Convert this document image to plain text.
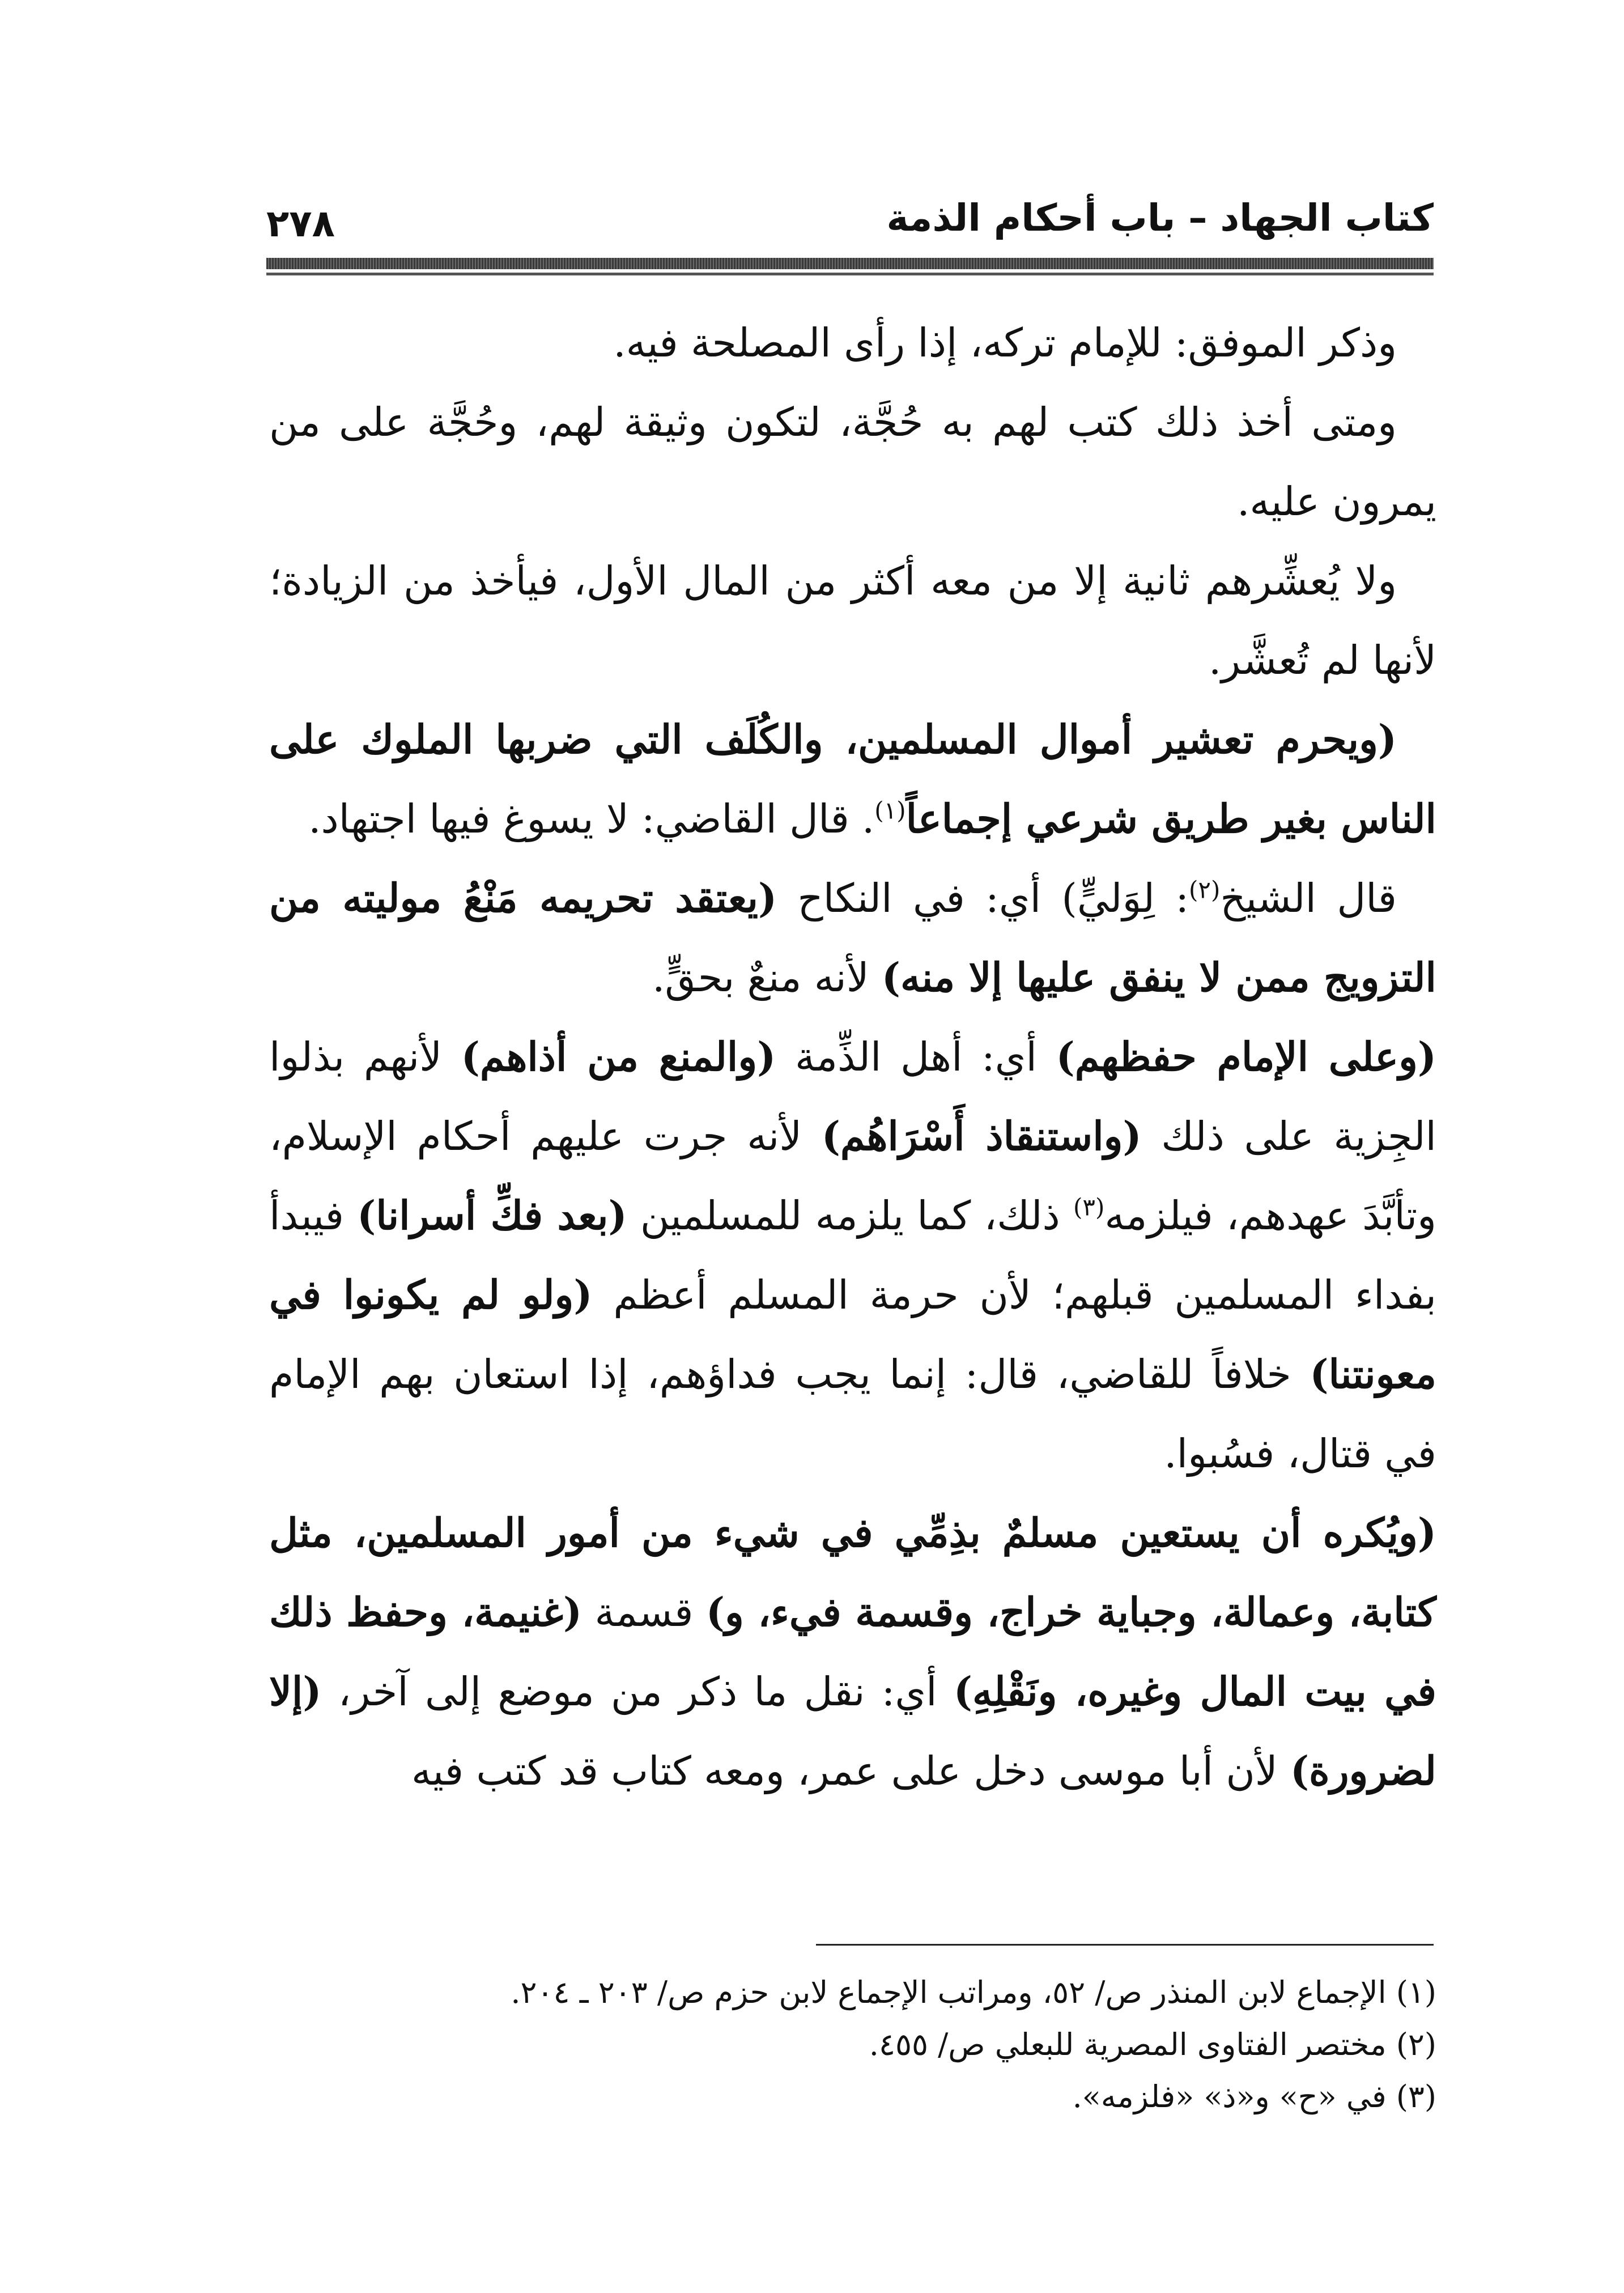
٢٧٨	كتاب الجهاد – باب أحكام الذمة

وذكر الموفق: للإمام تركه، إذا رأى المصلحة فيه.

ومتى أخذ ذلك كتب لهم به حُجَّة، لتكون وثيقة لهم، وحُجَّة على من يمرون عليه.

ولا يُعشِّرهم ثانية إلا من معه أكثر من المال الأول، فيأخذ من الزيادة؛ لأنها لم تُعشَّر.

(ويحرم تعشير أموال المسلمين، والكُلَف التي ضربها الملوك على الناس بغير طريق شرعي إجماعاً$^{(١)}$. قال القاضي: لا يسوغ فيها اجتهاد.

قال الشيخ$^{(٢)}$: لِوَليٍّ) أي: في النكاح (يعتقد تحريمه مَنْعُ موليته من التزويج ممن لا ينفق عليها إلا منه) لأنه منعٌ بحقٍّ.

(وعلى الإمام حفظهم) أي: أهل الذِّمة (والمنع من أذاهم) لأنهم بذلوا الجِزية على ذلك (واستنقاذ أَسْرَاهُم) لأنه جرت عليهم أحكام الإسلام، وتأبَّدَ عهدهم، فيلزمه$^{(٣)}$ ذلك، كما يلزمه للمسلمين (بعد فكِّ أسرانا) فيبدأ بفداء المسلمين قبلهم؛ لأن حرمة المسلم أعظم (ولو لم يكونوا في معونتنا) خلافاً للقاضي، قال: إنما يجب فداؤهم، إذا استعان بهم الإمام في قتال، فسُبوا.

(ويُكره أن يستعين مسلمٌ بذِمِّي في شيء من أمور المسلمين، مثل كتابة، وعمالة، وجباية خراج، وقسمة فيء، و) قسمة (غنيمة، وحفظ ذلك في بيت المال وغيره، ونَقْلِهِ) أي: نقل ما ذكر من موضع إلى آخر، (إلا لضرورة) لأن أبا موسى دخل على عمر، ومعه كتاب قد كتب فيه

(١) الإجماع لابن المنذر ص/ ٥٢، ومراتب الإجماع لابن حزم ص/ ٢٠٣ ـ ٢٠٤.

(٢) مختصر الفتاوى المصرية للبعلي ص/ ٤٥٥.

(٣) في «ح» و«ذ» «فلزمه».
